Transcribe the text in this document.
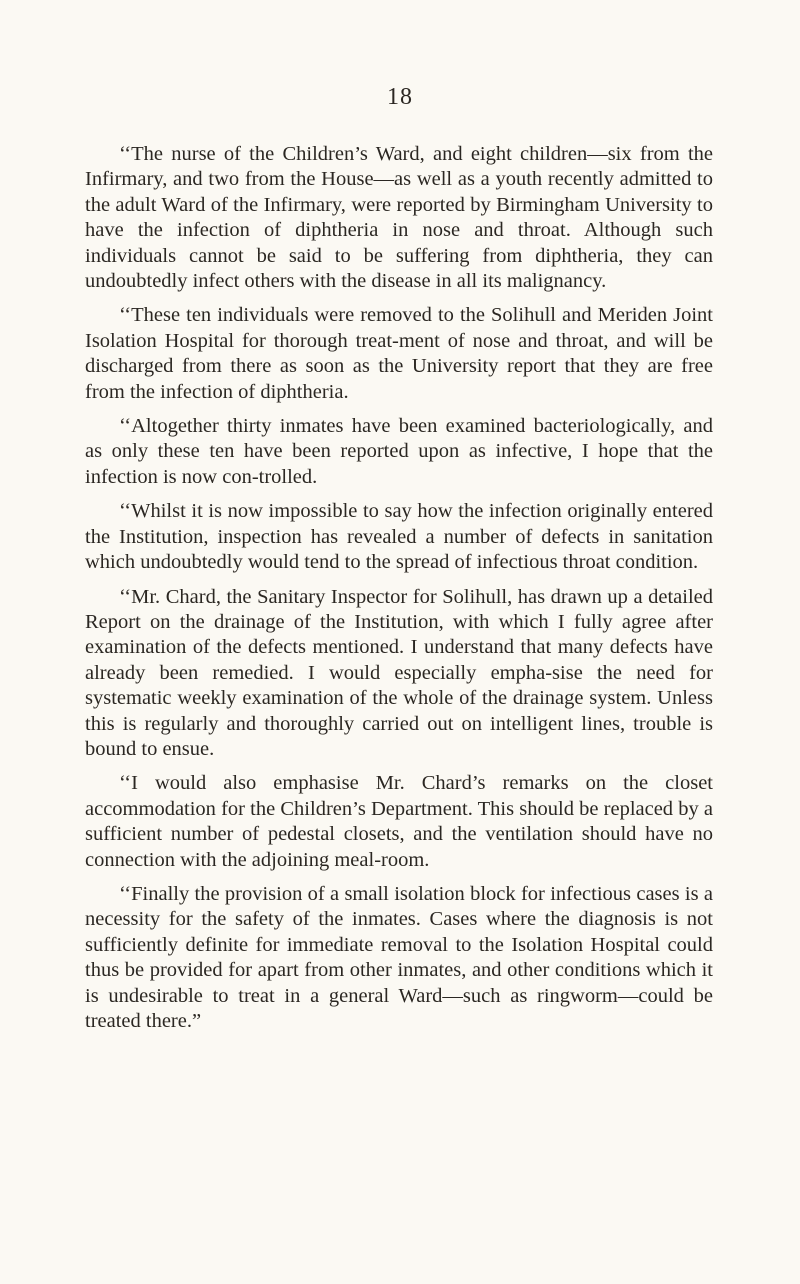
18

‘‘The nurse of the Children’s Ward, and eight children—six from the Infirmary, and two from the House—as well as a youth recently admitted to the adult Ward of the Infirmary, were reported by Birmingham University to have the infection of diphtheria in nose and throat. Although such individuals cannot be said to be suffering from diphtheria, they can undoubtedly infect others with the disease in all its malignancy.

‘‘These ten individuals were removed to the Solihull and Meriden Joint Isolation Hospital for thorough treat-ment of nose and throat, and will be discharged from there as soon as the University report that they are free from the infection of diphtheria.

‘‘Altogether thirty inmates have been examined bacteriologically, and as only these ten have been reported upon as infective, I hope that the infection is now con-trolled.

‘‘Whilst it is now impossible to say how the infection originally entered the Institution, inspection has revealed a number of defects in sanitation which undoubtedly would tend to the spread of infectious throat condition.

‘‘Mr. Chard, the Sanitary Inspector for Solihull, has drawn up a detailed Report on the drainage of the Institution, with which I fully agree after examination of the defects mentioned. I understand that many defects have already been remedied. I would especially empha-sise the need for systematic weekly examination of the whole of the drainage system. Unless this is regularly and thoroughly carried out on intelligent lines, trouble is bound to ensue.

‘‘I would also emphasise Mr. Chard’s remarks on the closet accommodation for the Children’s Department. This should be replaced by a sufficient number of pedestal closets, and the ventilation should have no connection with the adjoining meal-room.

‘‘Finally the provision of a small isolation block for infectious cases is a necessity for the safety of the inmates. Cases where the diagnosis is not sufficiently definite for immediate removal to the Isolation Hospital could thus be provided for apart from other inmates, and other conditions which it is undesirable to treat in a general Ward—such as ringworm—could be treated there.”
